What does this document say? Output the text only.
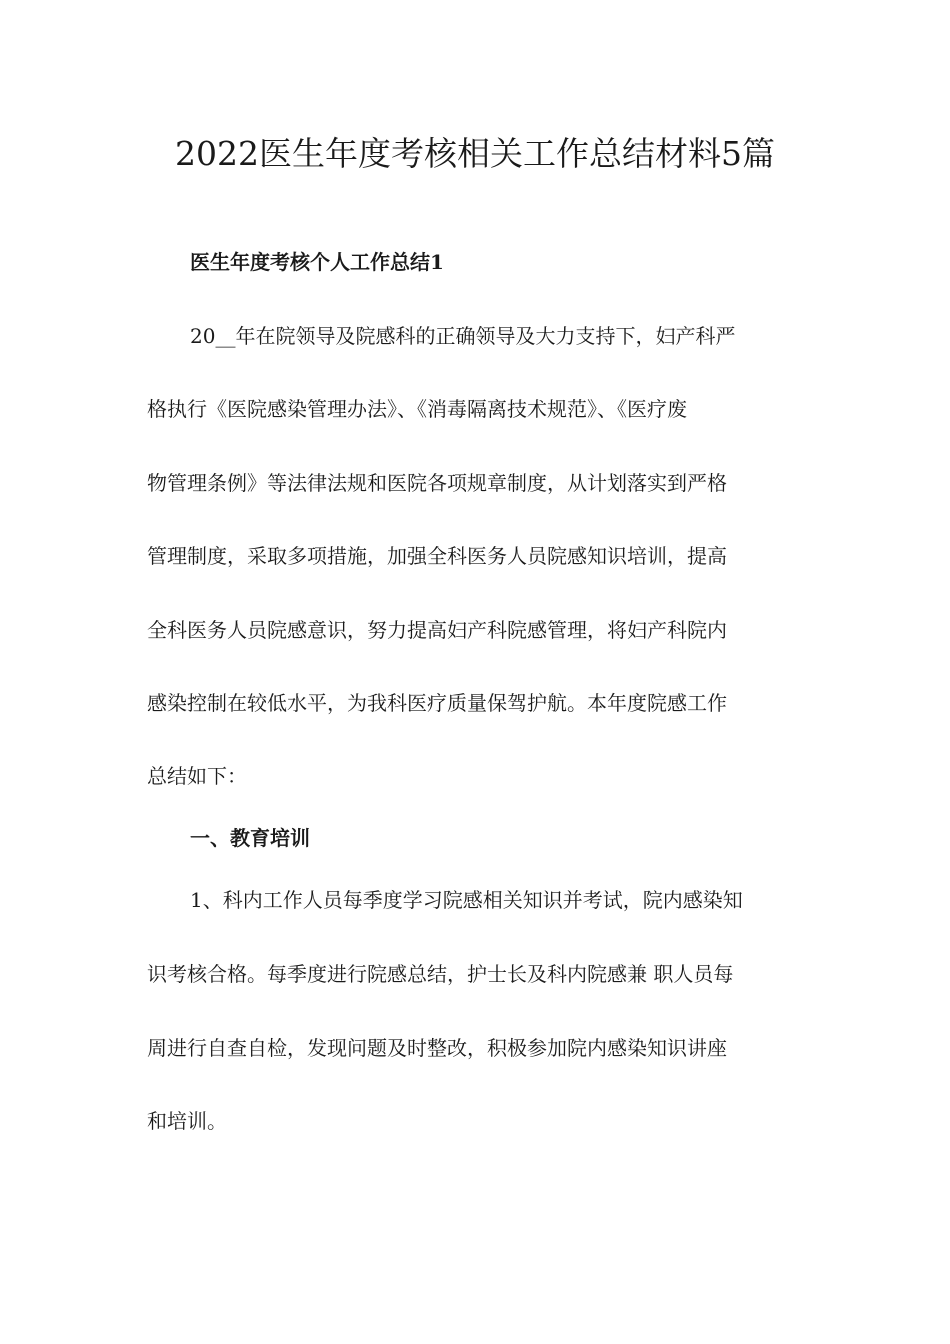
2022医生年度考核相关工作总结材料5篇

医生年度考核个人工作总结1

20__年在院领导及院感科的正确领导及大力支持下，妇产科严

格执行《医院感染管理办法》、《消毒隔离技术规范》、《医疗废

物管理条例》等法律法规和医院各项规章制度，从计划落实到严格

管理制度，采取多项措施，加强全科医务人员院感知识培训，提高

全科医务人员院感意识，努力提高妇产科院感管理，将妇产科院内

感染控制在较低水平，为我科医疗质量保驾护航。本年度院感工作

总结如下：

一、教育培训

1、科内工作人员每季度学习院感相关知识并考试，院内感染知

识考核合格。每季度进行院感总结，护士长及科内院感兼 职人员每

周进行自查自检，发现问题及时整改，积极参加院内感染知识讲座

和培训。
